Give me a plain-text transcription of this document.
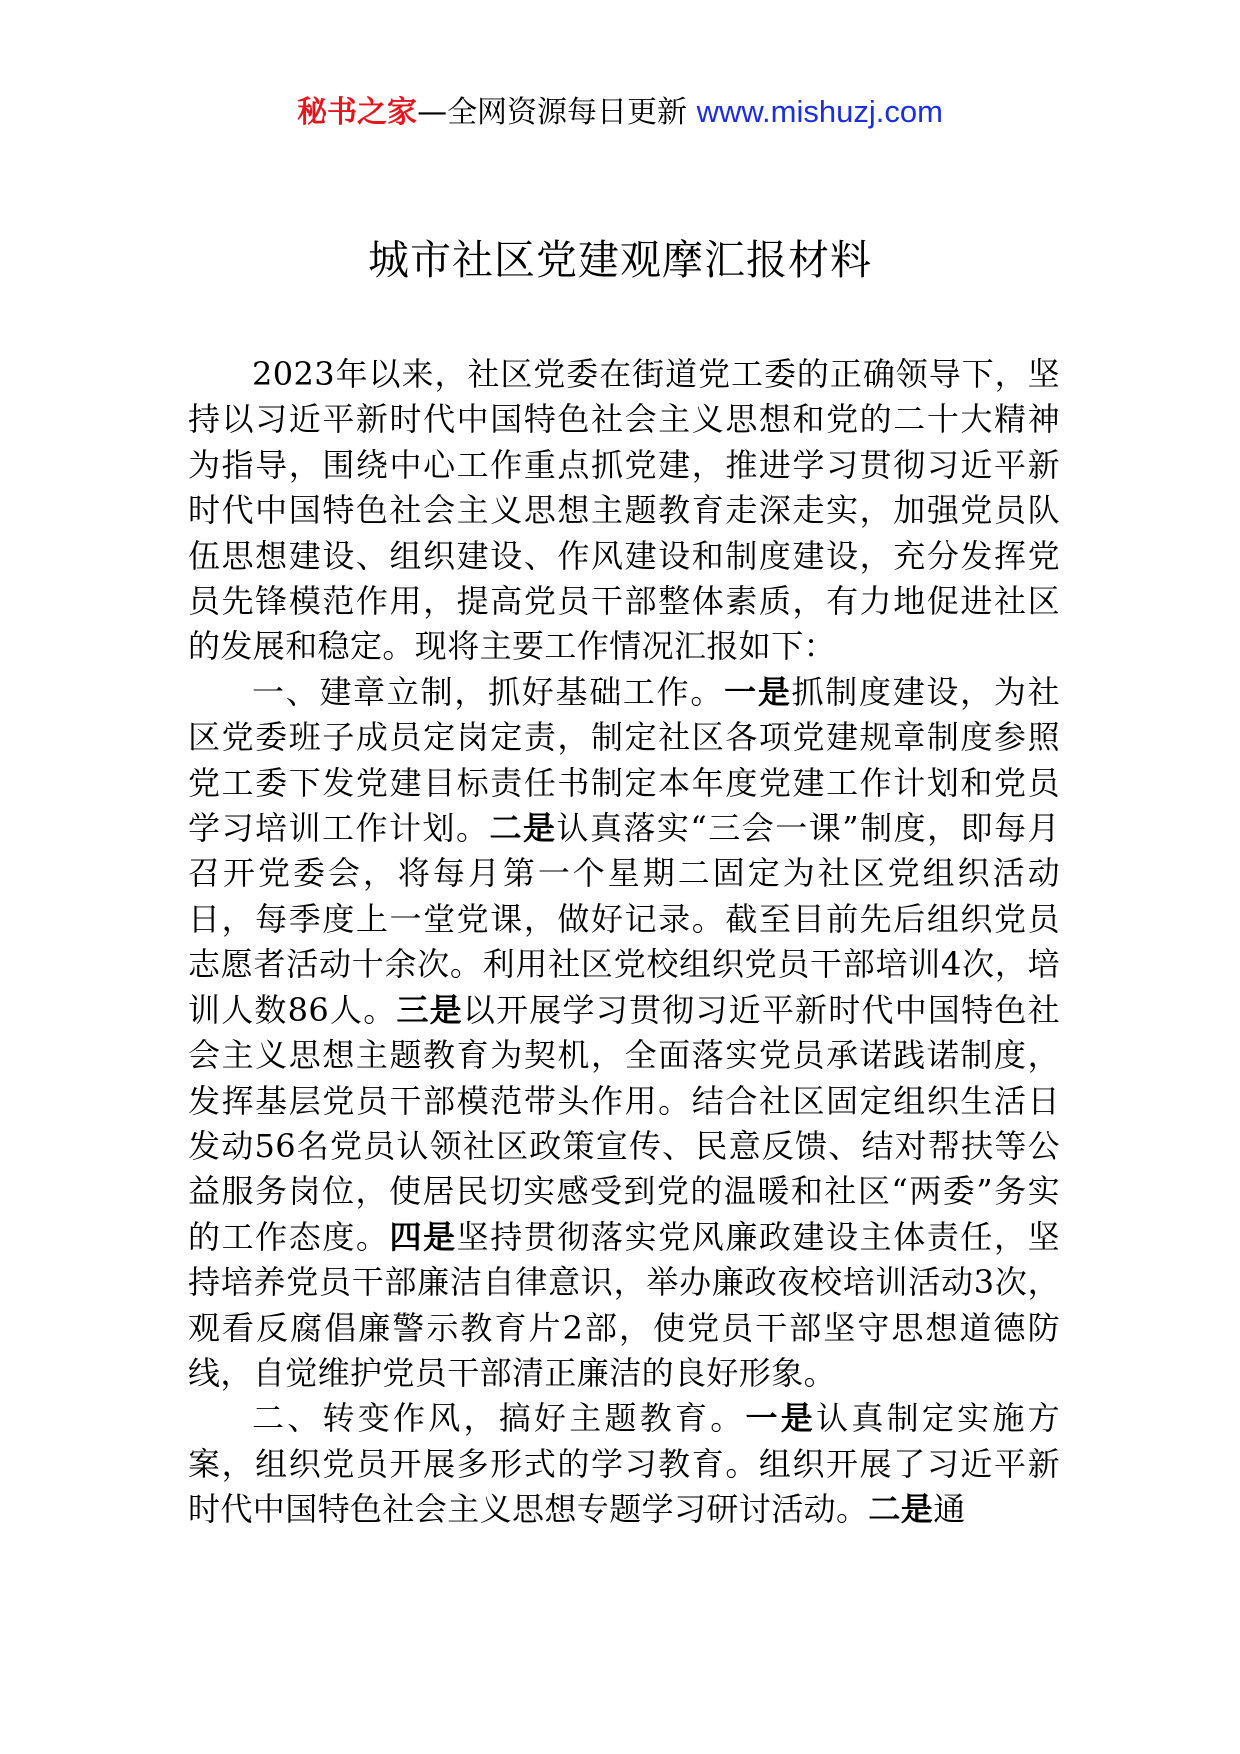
秘书之家—全网资源每日更新 www.mishuzj.com
城市社区党建观摩汇报材料

2023年以来，社区党委在街道党工委的正确领导下，坚持以习近平新时代中国特色社会主义思想和党的二十大精神为指导，围绕中心工作重点抓党建，推进学习贯彻习近平新时代中国特色社会主义思想主题教育走深走实，加强党员队伍思想建设、组织建设、作风建设和制度建设，充分发挥党员先锋模范作用，提高党员干部整体素质，有力地促进社区的发展和稳定。现将主要工作情况汇报如下：

一、建章立制，抓好基础工作。一是抓制度建设，为社区党委班子成员定岗定责，制定社区各项党建规章制度参照党工委下发党建目标责任书制定本年度党建工作计划和党员学习培训工作计划。二是认真落实“三会一课”制度，即每月召开党委会，将每月第一个星期二固定为社区党组织活动日，每季度上一堂党课，做好记录。截至目前先后组织党员志愿者活动十余次。利用社区党校组织党员干部培训4次，培训人数86人。三是以开展学习贯彻习近平新时代中国特色社会主义思想主题教育为契机，全面落实党员承诺践诺制度，发挥基层党员干部模范带头作用。结合社区固定组织生活日发动56名党员认领社区政策宣传、民意反馈、结对帮扶等公益服务岗位，使居民切实感受到党的温暖和社区“两委”务实的工作态度。四是坚持贯彻落实党风廉政建设主体责任，坚持培养党员干部廉洁自律意识，举办廉政夜校培训活动3次，观看反腐倡廉警示教育片2部，使党员干部坚守思想道德防线，自觉维护党员干部清正廉洁的良好形象。

二、转变作风，搞好主题教育。一是认真制定实施方案，组织党员开展多形式的学习教育。组织开展了习近平新时代中国特色社会主义思想专题学习研讨活动。二是通
